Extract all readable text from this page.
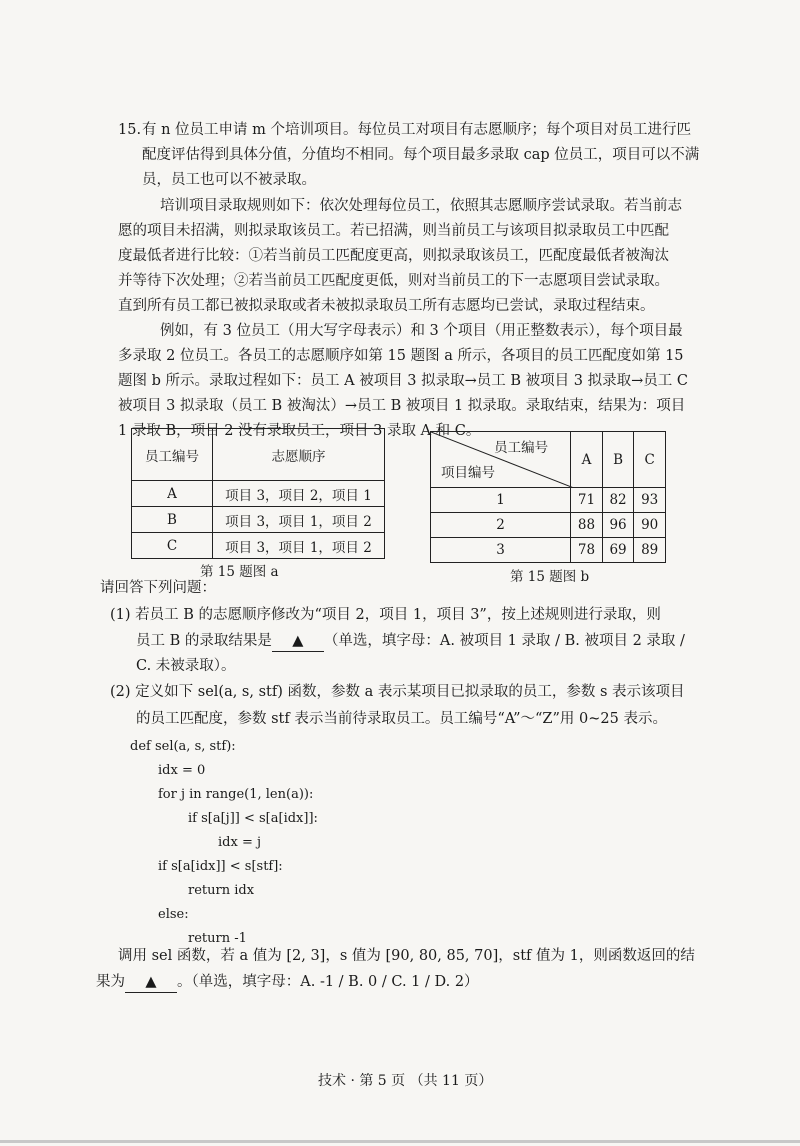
15. 有 n 位员工申请 m 个培训项目。每位员工对项目有志愿顺序；每个项目对员工进行匹
配度评估得到具体分值，分值均不相同。每个项目最多录取 cap 位员工，项目可以不满
员，员工也可以不被录取。
培训项目录取规则如下：依次处理每位员工，依照其志愿顺序尝试录取。若当前志
愿的项目未招满，则拟录取该员工。若已招满，则当前员工与该项目拟录取员工中匹配
度最低者进行比较：①若当前员工匹配度更高，则拟录取该员工，匹配度最低者被淘汰
并等待下次处理；②若当前员工匹配度更低，则对当前员工的下一志愿项目尝试录取。
直到所有员工都已被拟录取或者未被拟录取员工所有志愿均已尝试，录取过程结束。
例如，有 3 位员工（用大写字母表示）和 3 个项目（用正整数表示），每个项目最
多录取 2 位员工。各员工的志愿顺序如第 15 题图 a 所示，各项目的员工匹配度如第 15
题图 b 所示。录取过程如下：员工 A 被项目 3 拟录取→员工 B 被项目 3 拟录取→员工 C
被项目 3 拟录取（员工 B 被淘汰）→员工 B 被项目 1 拟录取。录取结束，结果为：项目
1 录取 B，项目 2 没有录取员工，项目 3 录取 A 和 C。
员工编号	志愿顺序
A	项目 3，项目 2，项目 1
B	项目 3，项目 1，项目 2
C	项目 3，项目 1，项目 2
第 15 题图 a
员工编号
项目编号	A	B	C
1	71	82	93
2	88	96	90
3	78	69	89
第 15 题图 b
请回答下列问题：
(1) 若员工 B 的志愿顺序修改为“项目 2，项目 1，项目 3”，按上述规则进行录取，则
员工 B 的录取结果是 ▲ （单选，填字母：A. 被项目 1 录取 / B. 被项目 2 录取 /
C. 未被录取）。
(2) 定义如下 sel(a, s, stf) 函数，参数 a 表示某项目已拟录取的员工，参数 s 表示该项目
的员工匹配度，参数 stf 表示当前待录取员工。员工编号“A”～“Z”用 0~25 表示。
def sel(a, s, stf):
idx = 0
for j in range(1, len(a)):
if s[a[j]] < s[a[idx]]:
idx = j
if s[a[idx]] < s[stf]:
return idx
else:
return -1
调用 sel 函数，若 a 值为 [2, 3]，s 值为 [90, 80, 85, 70]，stf 值为 1，则函数返回的结
果为 ▲ 。（单选，填字母：A. -1 / B. 0 / C. 1 / D. 2）
技术 · 第 5 页 （共 11 页）
